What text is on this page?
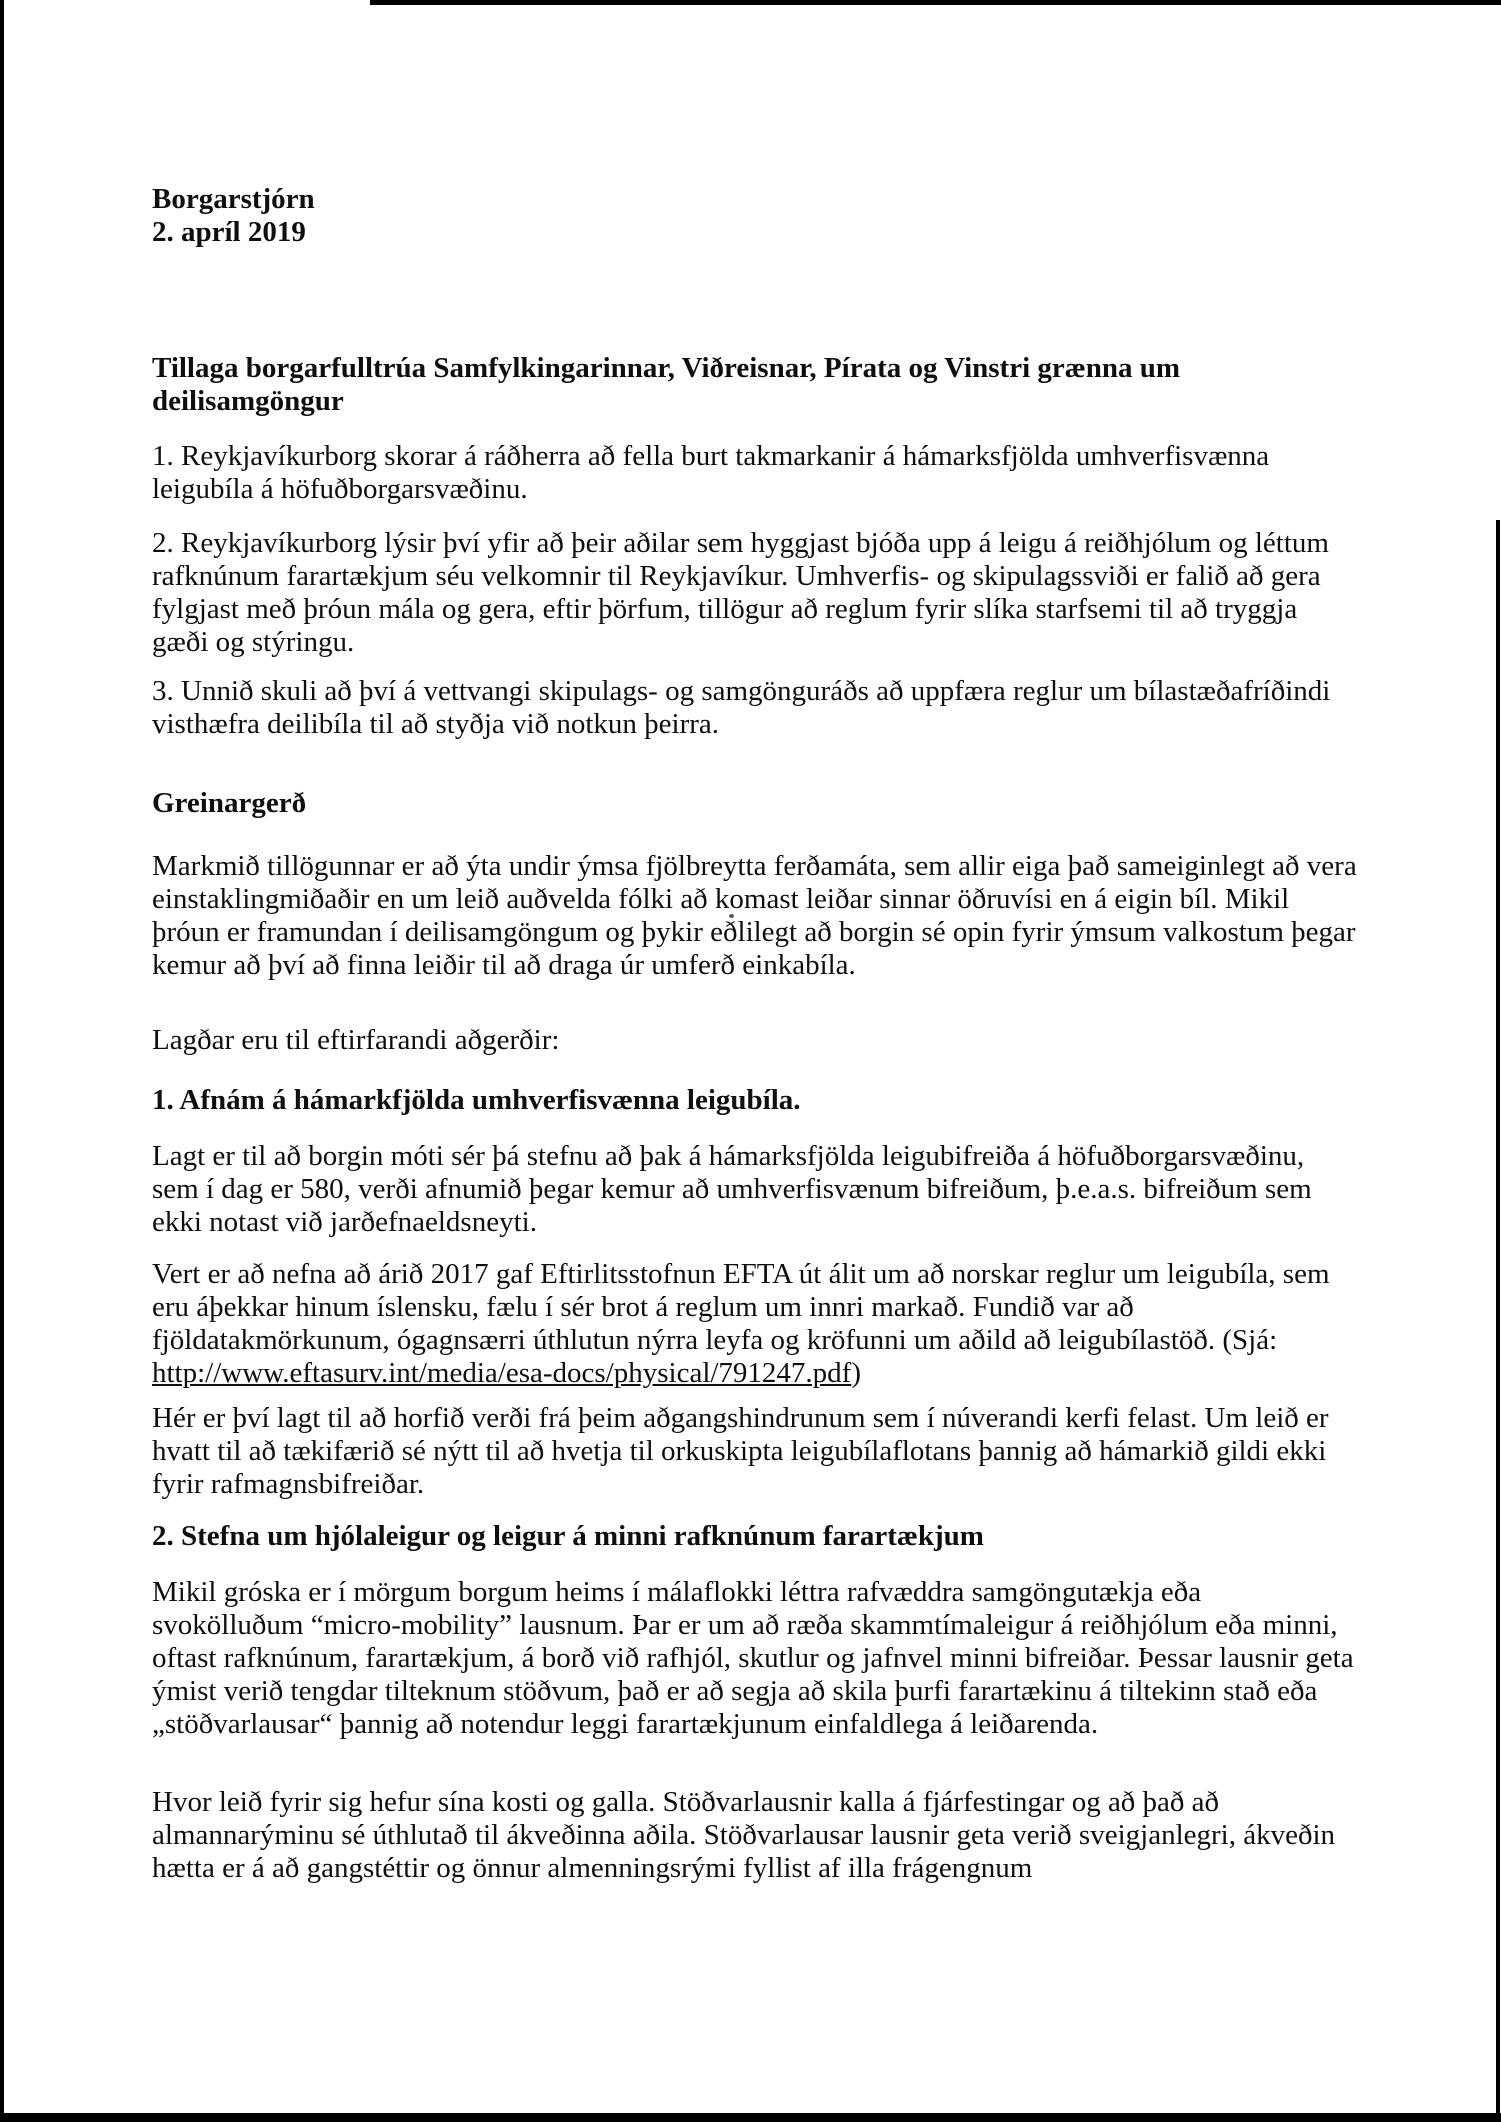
Borgarstjórn
2. apríl 2019
Tillaga borgarfulltrúa Samfylkingarinnar, Viðreisnar, Pírata og Vinstri grænna um deilisamgöngur

1. Reykjavíkurborg skorar á ráðherra að fella burt takmarkanir á hámarksfjölda umhverfisvænna leigubíla á höfuðborgarsvæðinu.

2. Reykjavíkurborg lýsir því yfir að þeir aðilar sem hyggjast bjóða upp á leigu á reiðhjólum og léttum rafknúnum farartækjum séu velkomnir til Reykjavíkur. Umhverfis- og skipulagssviði er falið að gera fylgjast með þróun mála og gera, eftir þörfum, tillögur að reglum fyrir slíka starfsemi til að tryggja gæði og stýringu.

3. Unnið skuli að því á vettvangi skipulags- og samgönguráðs að uppfæra reglur um bílastæðafríðindi visthæfra deilibíla til að styðja við notkun þeirra.

Greinargerð

Markmið tillögunnar er að ýta undir ýmsa fjölbreytta ferðamáta, sem allir eiga það sameiginlegt að vera einstaklingmiðaðir en um leið auðvelda fólki að komast leiðar sinnar öðruvísi en á eigin bíl. Mikil þróun er framundan í deilisamgöngum og þykir eðlilegt að borgin sé opin fyrir ýmsum valkostum þegar kemur að því að finna leiðir til að draga úr umferð einkabíla.

Lagðar eru til eftirfarandi aðgerðir:

1. Afnám á hámarkfjölda umhverfisvænna leigubíla.

Lagt er til að borgin móti sér þá stefnu að þak á hámarksfjölda leigubifreiða á höfuðborgarsvæðinu, sem í dag er 580, verði afnumið þegar kemur að umhverfisvænum bifreiðum, þ.e.a.s. bifreiðum sem ekki notast við jarðefnaeldsneyti.

Vert er að nefna að árið 2017 gaf Eftirlitsstofnun EFTA út álit um að norskar reglur um leigubíla, sem eru áþekkar hinum íslensku, fælu í sér brot á reglum um innri markað. Fundið var að fjöldatakmörkunum, ógagnsærri úthlutun nýrra leyfa og kröfunni um aðild að leigubílastöð. (Sjá: http://www.eftasurv.int/media/esa-docs/physical/791247.pdf)

Hér er því lagt til að horfið verði frá þeim aðgangshindrunum sem í núverandi kerfi felast. Um leið er hvatt til að tækifærið sé nýtt til að hvetja til orkuskipta leigubílaflotans þannig að hámarkið gildi ekki fyrir rafmagnsbifreiðar.

2. Stefna um hjólaleigur og leigur á minni rafknúnum farartækjum

Mikil gróska er í mörgum borgum heims í málaflokki léttra rafvæddra samgöngutækja eða svokölluðum “micro-mobility” lausnum. Þar er um að ræða skammtímaleigur á reiðhjólum eða minni, oftast rafknúnum, farartækjum, á borð við rafhjól, skutlur og jafnvel minni bifreiðar. Þessar lausnir geta ýmist verið tengdar tilteknum stöðvum, það er að segja að skila þurfi farartækinu á tiltekinn stað eða „stöðvarlausar“ þannig að notendur leggi farartækjunum einfaldlega á leiðarenda.

Hvor leið fyrir sig hefur sína kosti og galla. Stöðvarlausnir kalla á fjárfestingar og að það að almannarýminu sé úthlutað til ákveðinna aðila. Stöðvarlausar lausnir geta verið sveigjanlegri, ákveðin hætta er á að gangstéttir og önnur almenningsrými fyllist af illa frágengnum
